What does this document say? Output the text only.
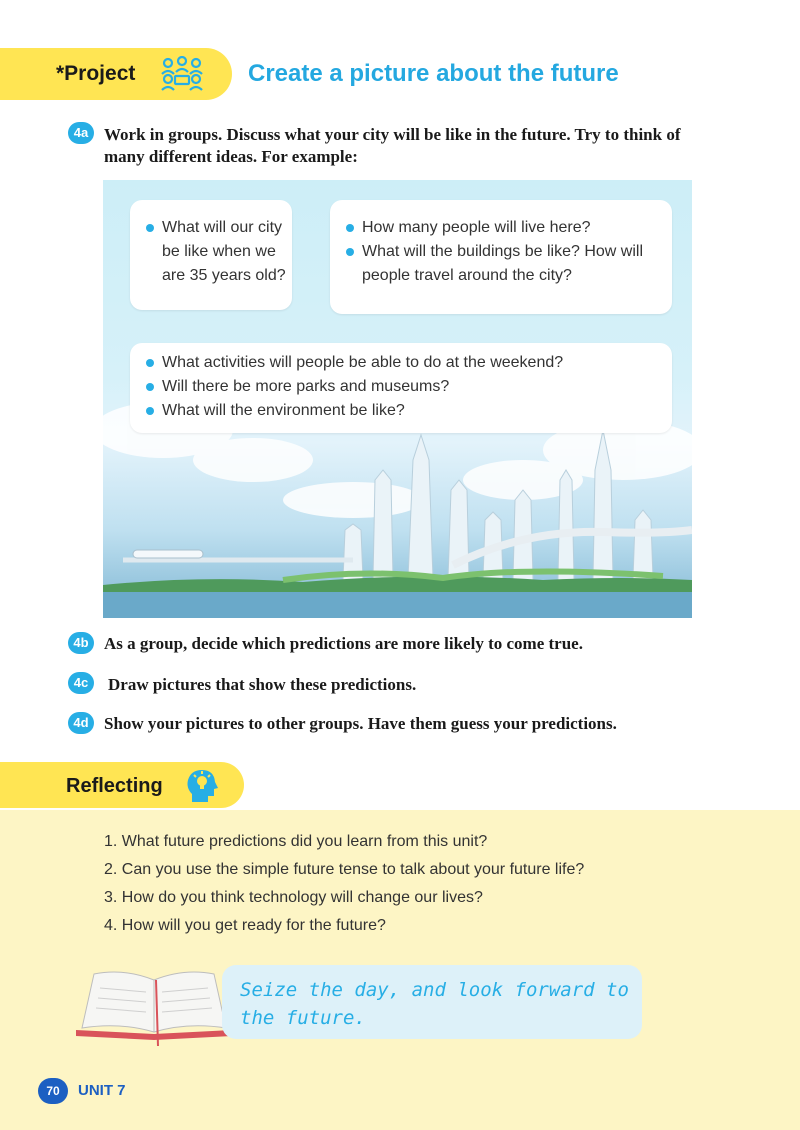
*Project	Create a picture about the future
4a Work in groups. Discuss what your city will be like in the future. Try to think of many different ideas. For example:
What will our city be like when we are 35 years old?
How many people will live here?
What will the buildings be like? How will people travel around the city?
What activities will people be able to do at the weekend?
Will there be more parks and museums?
What will the environment be like?
4b As a group, decide which predictions are more likely to come true.
4c	Draw pictures that show these predictions.
4d Show your pictures to other groups. Have them guess your predictions.
Reflecting
1. What future predictions did you learn from this unit?
2. Can you use the simple future tense to talk about your future life?
3. How do you think technology will change our lives?
4. How will you get ready for the future?
Seize the day, and look forward to the future.
70	UNIT 7
